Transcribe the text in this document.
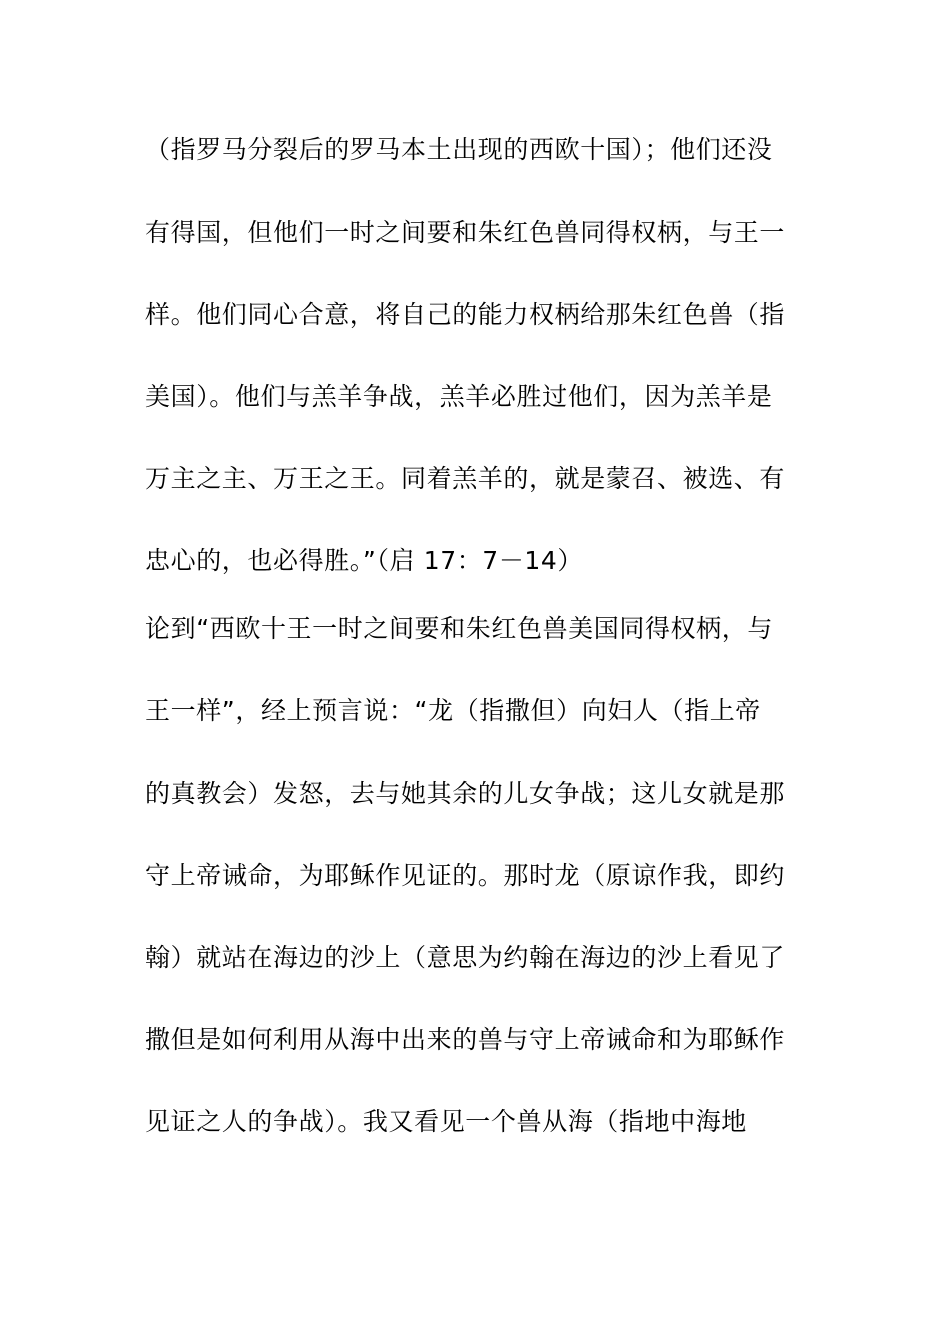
（指罗马分裂后的罗马本土出现的西欧十国）；他们还没
有得国，但他们一时之间要和朱红色兽同得权柄，与王一
样。他们同心合意，将自己的能力权柄给那朱红色兽（指
美国）。他们与羔羊争战，羔羊必胜过他们，因为羔羊是
万主之主、万王之王。同着羔羊的，就是蒙召、被选、有
忠心的，也必得胜。”（启 17：7－14）
论到“西欧十王一时之间要和朱红色兽美国同得权柄，与
王一样”，经上预言说：“龙（指撒但）向妇人（指上帝
的真教会）发怒，去与她其余的儿女争战；这儿女就是那
守上帝诫命，为耶稣作见证的。那时龙（原谅作我，即约
翰）就站在海边的沙上（意思为约翰在海边的沙上看见了
撒但是如何利用从海中出来的兽与守上帝诫命和为耶稣作
见证之人的争战）。我又看见一个兽从海（指地中海地
